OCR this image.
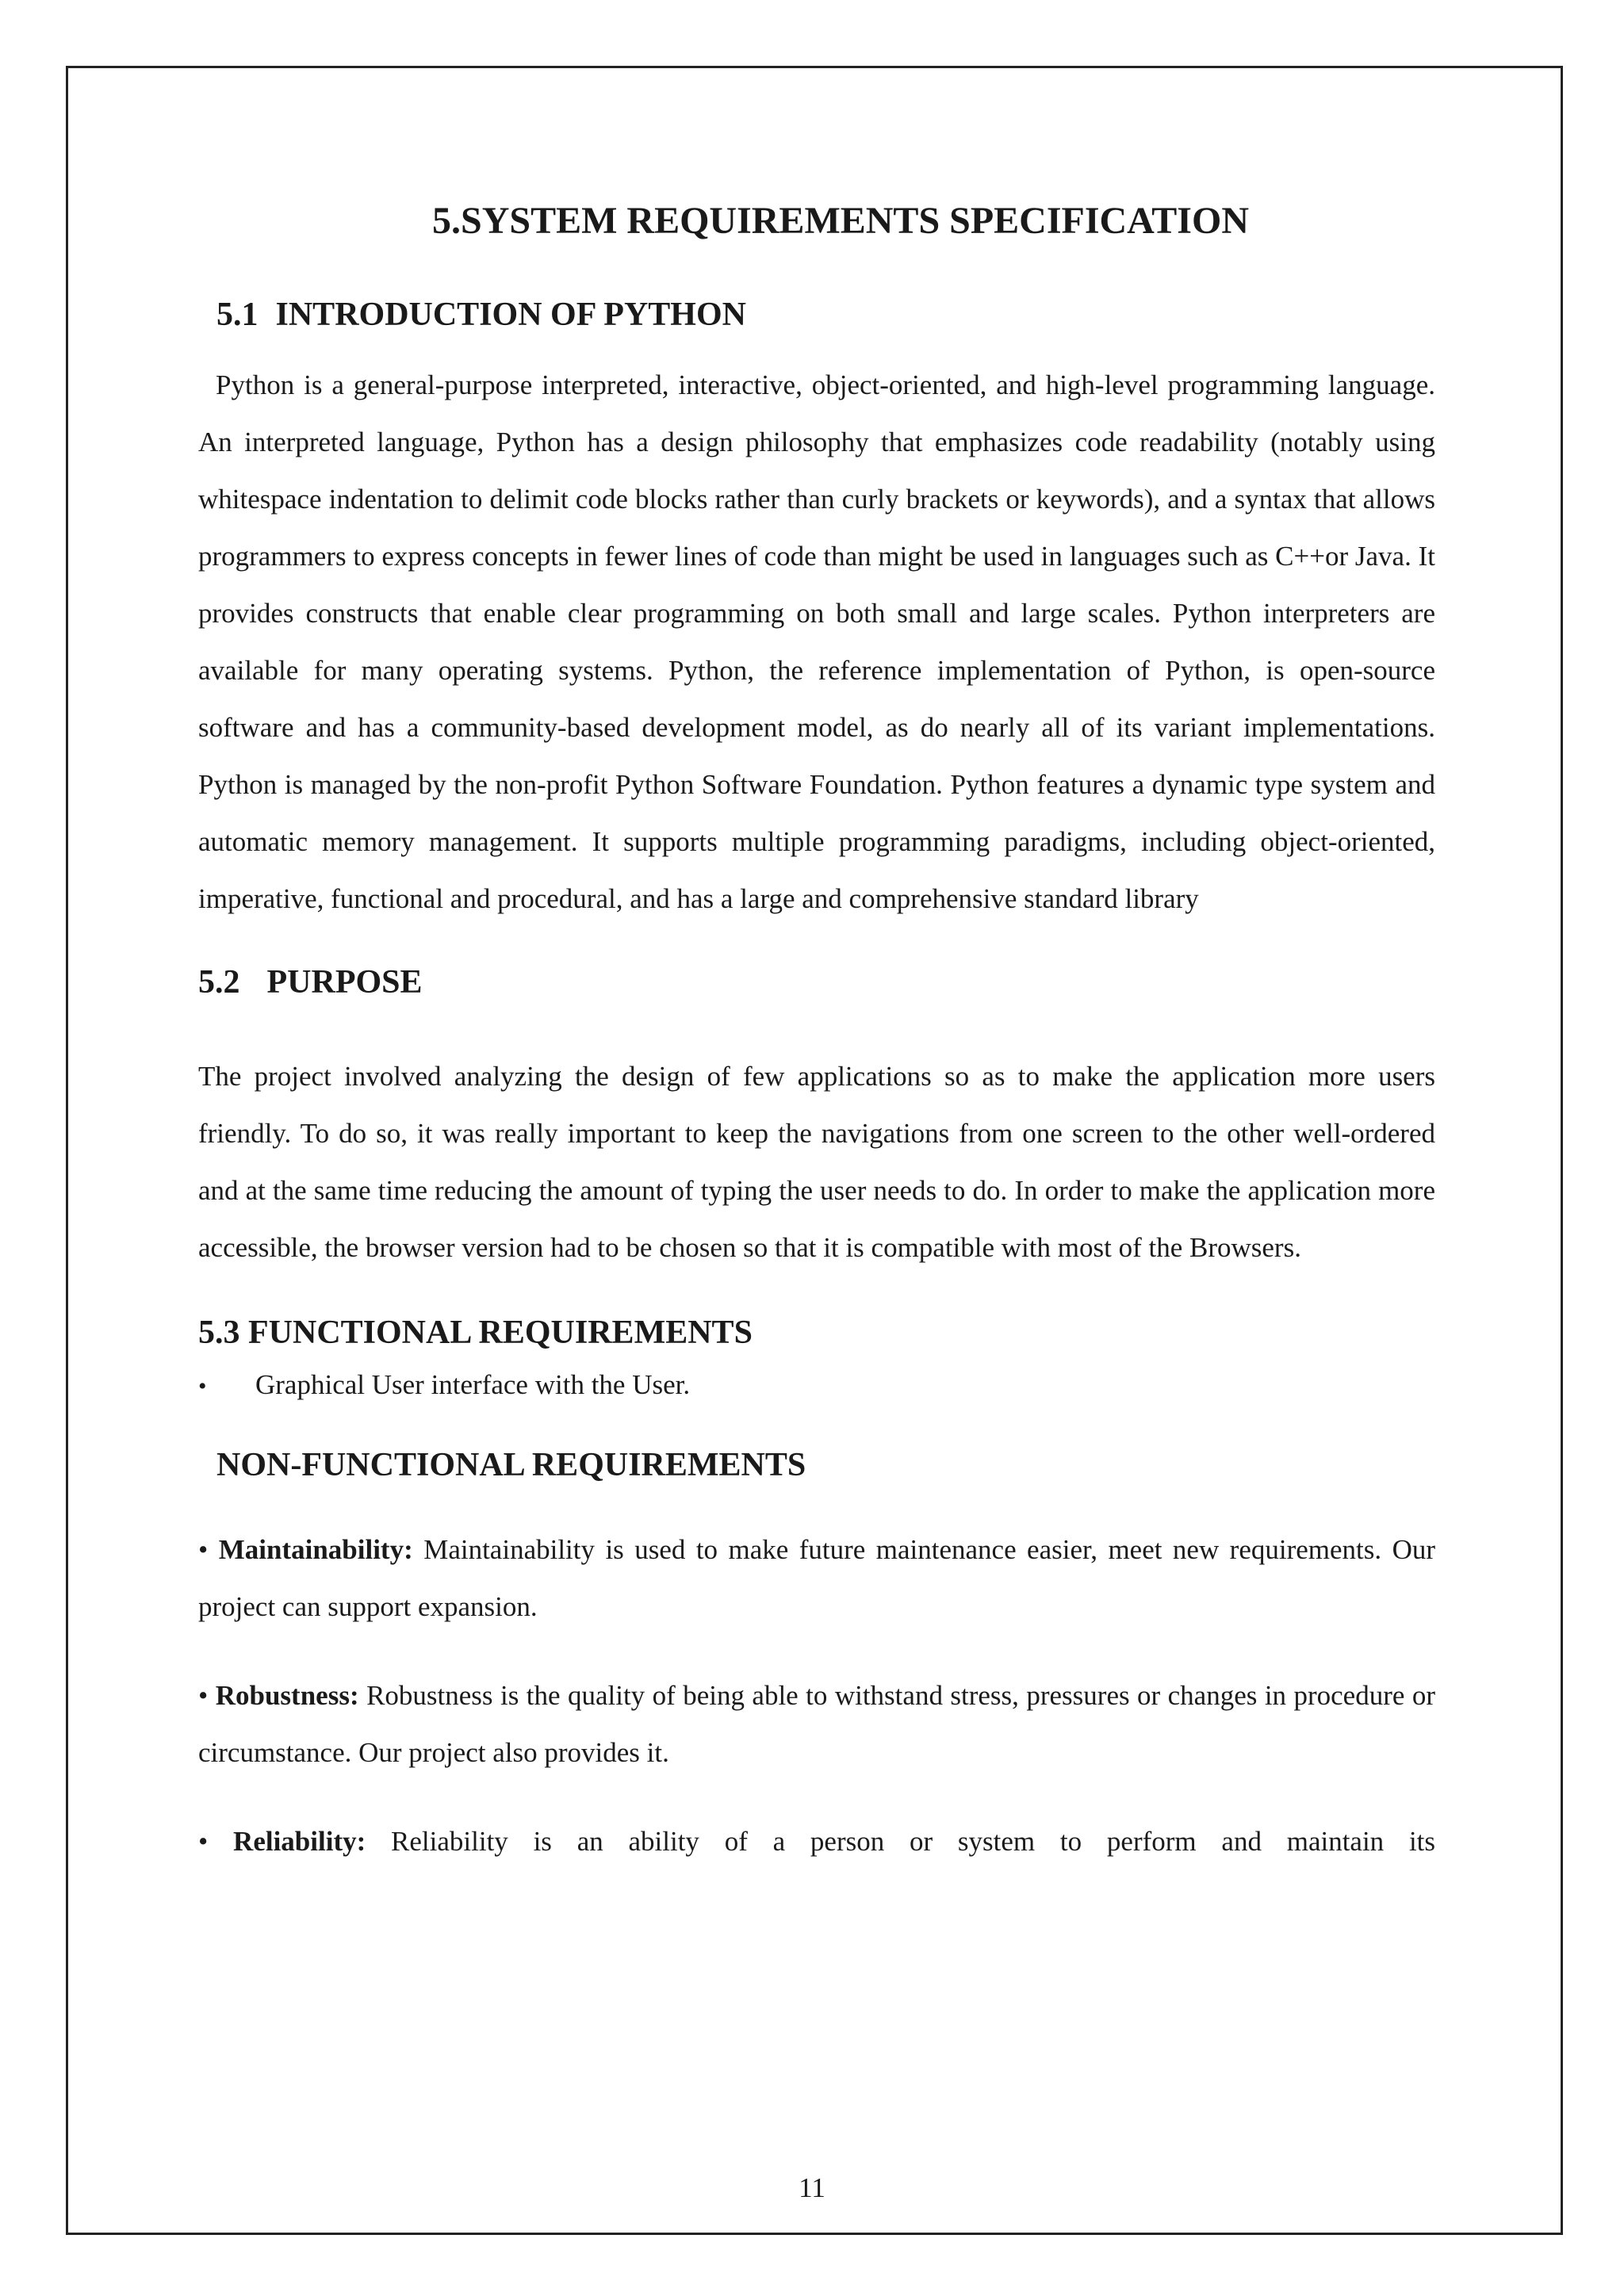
5.SYSTEM REQUIREMENTS SPECIFICATION
5.1 INTRODUCTION OF PYTHON

Python is a general-purpose interpreted, interactive, object-oriented, and high-level programming language. An interpreted language, Python has a design philosophy that emphasizes code readability (notably using whitespace indentation to delimit code blocks rather than curly brackets or keywords), and a syntax that allows programmers to express concepts in fewer lines of code than might be used in languages such as C++or Java. It provides constructs that enable clear programming on both small and large scales. Python interpreters are available for many operating systems. Python, the reference implementation of Python, is open-source software and has a community-based development model, as do nearly all of its variant implementations. Python is managed by the non-profit Python Software Foundation. Python features a dynamic type system and automatic memory management. It supports multiple programming paradigms, including object-oriented, imperative, functional and procedural, and has a large and comprehensive standard library

5.2 PURPOSE

The project involved analyzing the design of few applications so as to make the application more users friendly. To do so, it was really important to keep the navigations from one screen to the other well-ordered and at the same time reducing the amount of typing the user needs to do. In order to make the application more accessible, the browser version had to be chosen so that it is compatible with most of the Browsers.

5.3 FUNCTIONAL REQUIREMENTS
•	Graphical User interface with the User.
NON-FUNCTIONAL REQUIREMENTS

• Maintainability: Maintainability is used to make future maintenance easier, meet new requirements. Our project can support expansion.

• Robustness: Robustness is the quality of being able to withstand stress, pressures or changes in procedure or circumstance. Our project also provides it.

• Reliability: Reliability is an ability of a person or system to perform and maintain its

11
